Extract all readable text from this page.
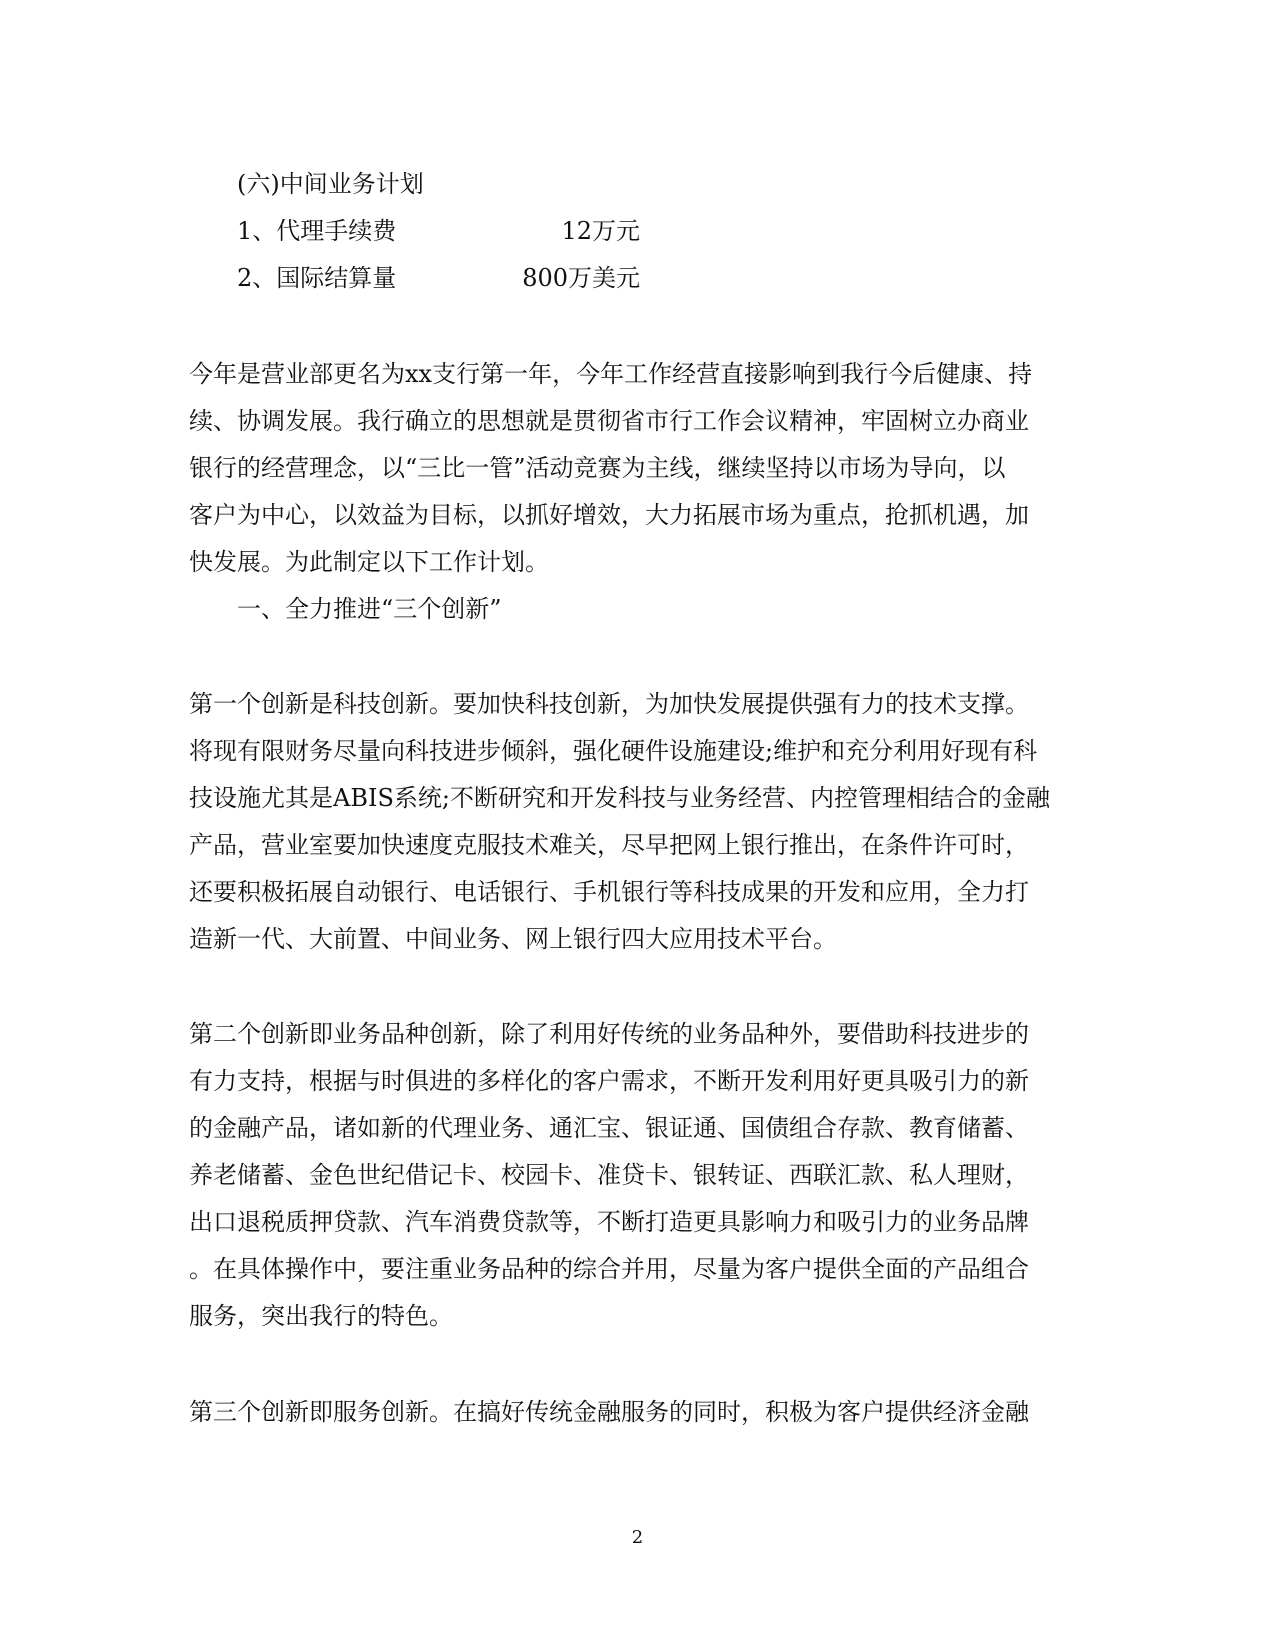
(六)中间业务计划
1、代理手续费	12万元
2、国际结算量	800万美元
今年是营业部更名为xx支行第一年，今年工作经营直接影响到我行今后健康、持
续、协调发展。我行确立的思想就是贯彻省市行工作会议精神，牢固树立办商业
银行的经营理念，以“三比一管”活动竞赛为主线，继续坚持以市场为导向，以
客户为中心，以效益为目标，以抓好增效，大力拓展市场为重点，抢抓机遇，加
快发展。为此制定以下工作计划。
一、全力推进“三个创新”
第一个创新是科技创新。要加快科技创新，为加快发展提供强有力的技术支撑。
将现有限财务尽量向科技进步倾斜，强化硬件设施建设;维护和充分利用好现有科
技设施尤其是ABIS系统;不断研究和开发科技与业务经营、内控管理相结合的金融
产品，营业室要加快速度克服技术难关，尽早把网上银行推出，在条件许可时，
还要积极拓展自动银行、电话银行、手机银行等科技成果的开发和应用，全力打
造新一代、大前置、中间业务、网上银行四大应用技术平台。
第二个创新即业务品种创新，除了利用好传统的业务品种外，要借助科技进步的
有力支持，根据与时俱进的多样化的客户需求，不断开发利用好更具吸引力的新
的金融产品，诸如新的代理业务、通汇宝、银证通、国债组合存款、教育储蓄、
养老储蓄、金色世纪借记卡、校园卡、准贷卡、银转证、西联汇款、私人理财，
出口退税质押贷款、汽车消费贷款等，不断打造更具影响力和吸引力的业务品牌
。在具体操作中，要注重业务品种的综合并用，尽量为客户提供全面的产品组合
服务，突出我行的特色。
第三个创新即服务创新。在搞好传统金融服务的同时，积极为客户提供经济金融
2
